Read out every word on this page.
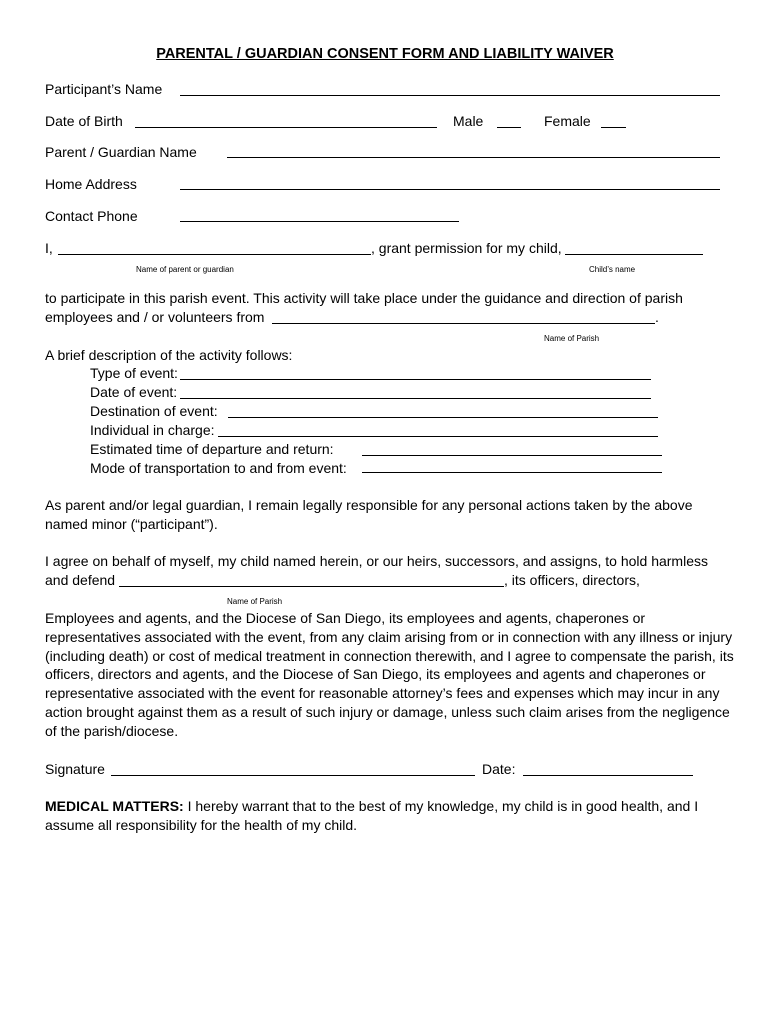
PARENTAL / GUARDIAN CONSENT FORM AND LIABILITY WAIVER
Participant’s Name
Date of Birth	Male	Female
Parent / Guardian Name
Home Address
Contact Phone
I,	, grant permission for my child,
Name of parent or guardian	Child’s name
to participate in this parish event. This activity will take place under the guidance and direction of parish
employees and / or volunteers from	.
Name of Parish
A brief description of the activity follows:
Type of event:
Date of event:
Destination of event:
Individual in charge:
Estimated time of departure and return:
Mode of transportation to and from event:
As parent and/or legal guardian, I remain legally responsible for any personal actions taken by the above named minor (“participant”).
I agree on behalf of myself, my child named herein, or our heirs, successors, and assigns, to hold harmless
and defend	, its officers, directors,
Name of Parish
Employees and agents, and the Diocese of San Diego, its employees and agents, chaperones or representatives associated with the event, from any claim arising from or in connection with any illness or injury (including death) or cost of medical treatment in connection therewith, and I agree to compensate the parish, its officers, directors and agents, and the Diocese of San Diego, its employees and agents and chaperones or representative associated with the event for reasonable attorney’s fees and expenses which may incur in any action brought against them as a result of such injury or damage, unless such claim arises from the negligence of the parish/diocese.
Signature	Date:
MEDICAL MATTERS: I hereby warrant that to the best of my knowledge, my child is in good health, and I assume all responsibility for the health of my child.
